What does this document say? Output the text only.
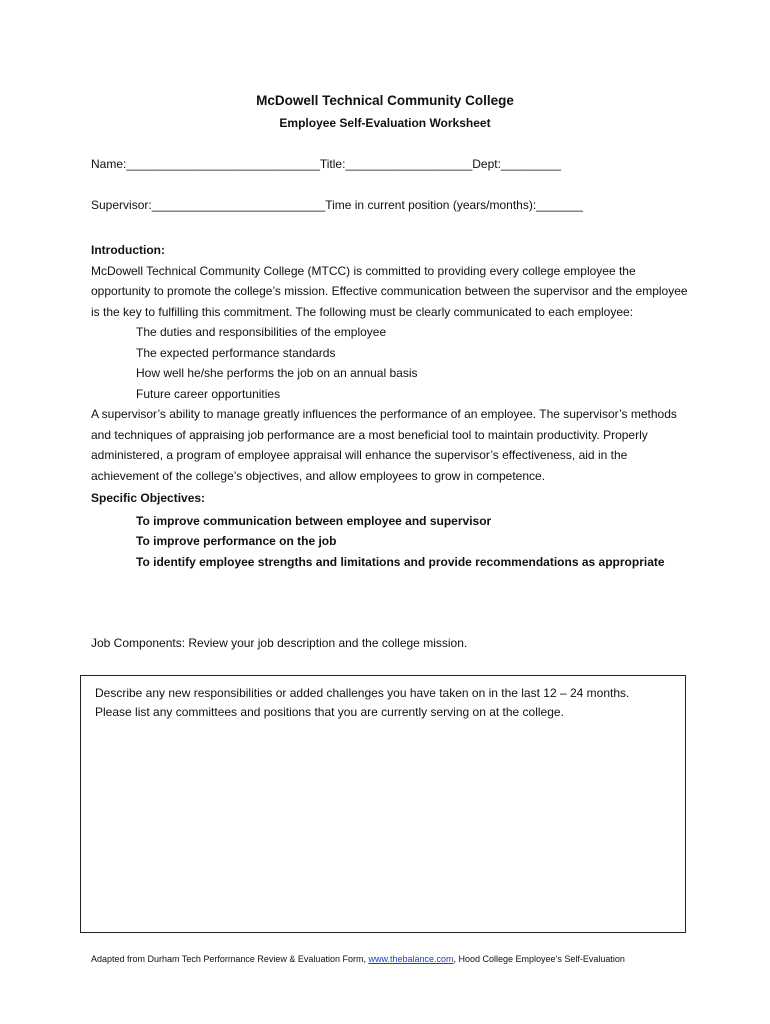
McDowell Technical Community College
Employee Self-Evaluation Worksheet
Name:_____________________________Title:___________________Dept:_________
Supervisor:__________________________Time in current position (years/months):_______
Introduction:
McDowell Technical Community College (MTCC) is committed to providing every college employee the opportunity to promote the college’s mission. Effective communication between the supervisor and the employee is the key to fulfilling this commitment. The following must be clearly communicated to each employee:
The duties and responsibilities of the employee
The expected performance standards
How well he/she performs the job on an annual basis
Future career opportunities
A supervisor’s ability to manage greatly influences the performance of an employee. The supervisor’s methods and techniques of appraising job performance are a most beneficial tool to maintain productivity. Properly administered, a program of employee appraisal will enhance the supervisor’s effectiveness, aid in the achievement of the college’s objectives, and allow employees to grow in competence.
Specific Objectives:
To improve communication between employee and supervisor
To improve performance on the job
To identify employee strengths and limitations and provide recommendations as appropriate
Job Components: Review your job description and the college mission.
Describe any new responsibilities or added challenges you have taken on in the last 12 – 24 months. Please list any committees and positions that you are currently serving on at the college.
Adapted from Durham Tech Performance Review & Evaluation Form, www.thebalance.com, Hood College Employee’s Self-Evaluation
